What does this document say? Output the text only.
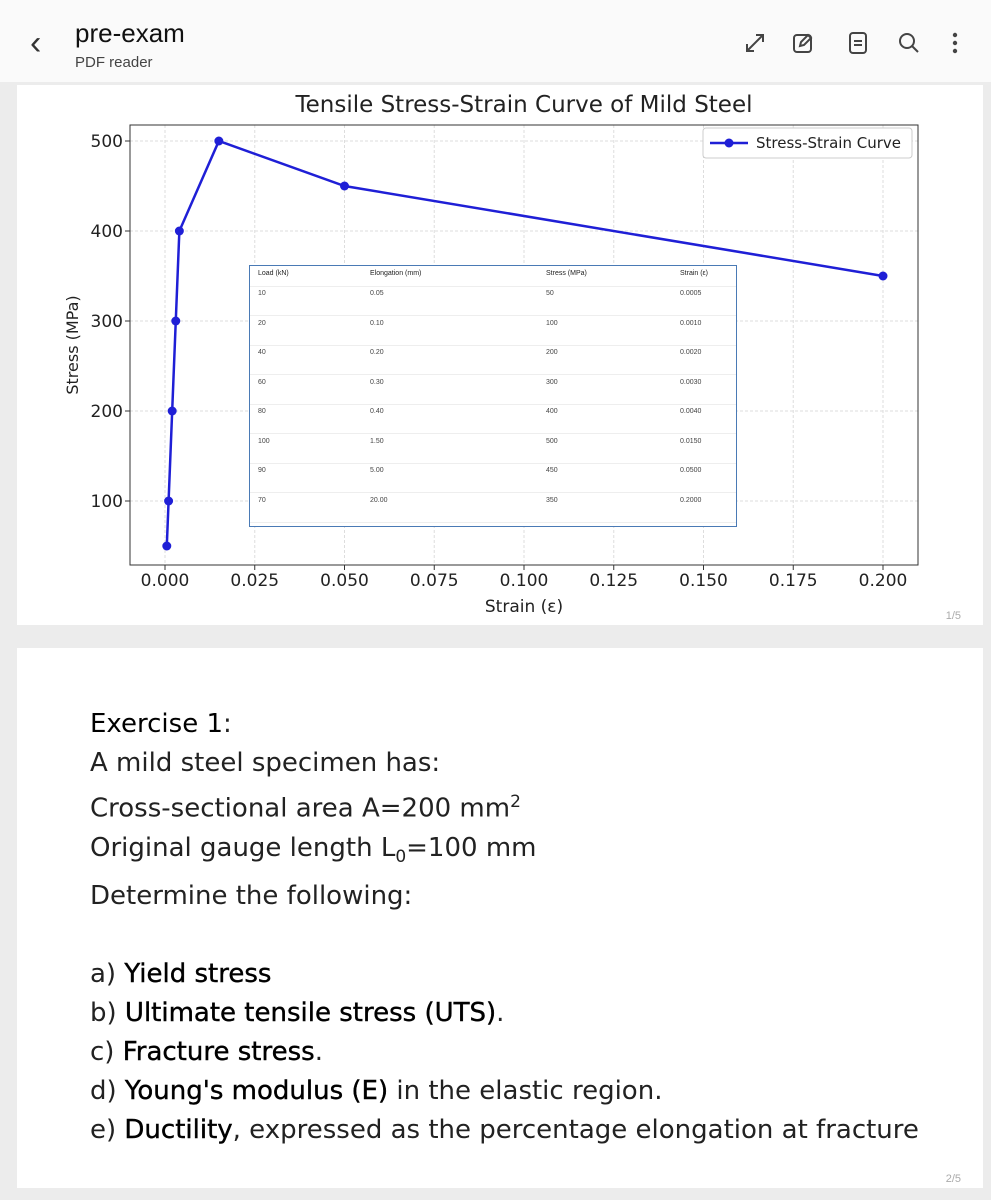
‹ pre-exam
PDF reader
1/5
0.000 0.025 0.050 0.075 0.100 0.125 0.150 0.175 0.200
100
200
300
400
500
Tensile Stress-Strain Curve of Mild Steel
Strain (ε)
Stress (MPa)
Stress-Strain Curve
Load (kN)	Elongation (mm)	Stress (MPa)	Strain (ε)
10	0.05	50	0.0005
20	0.10	100	0.0010
40	0.20	200	0.0020
60	0.30	300	0.0030
80	0.40	400	0.0040
100	1.50	500	0.0150
90	5.00	450	0.0500
70	20.00	350	0.2000
2/5
Exercise 1:
A mild steel specimen has:
Cross-sectional area A=200 $mm^2$
Original gauge length $L_0=100$ mm
Determine the following:
a) Yield stress
b) Ultimate tensile stress (UTS).
c) Fracture stress.
d) Young's modulus (E) in the elastic region.
e) Ductility, expressed as the percentage elongation at fracture
